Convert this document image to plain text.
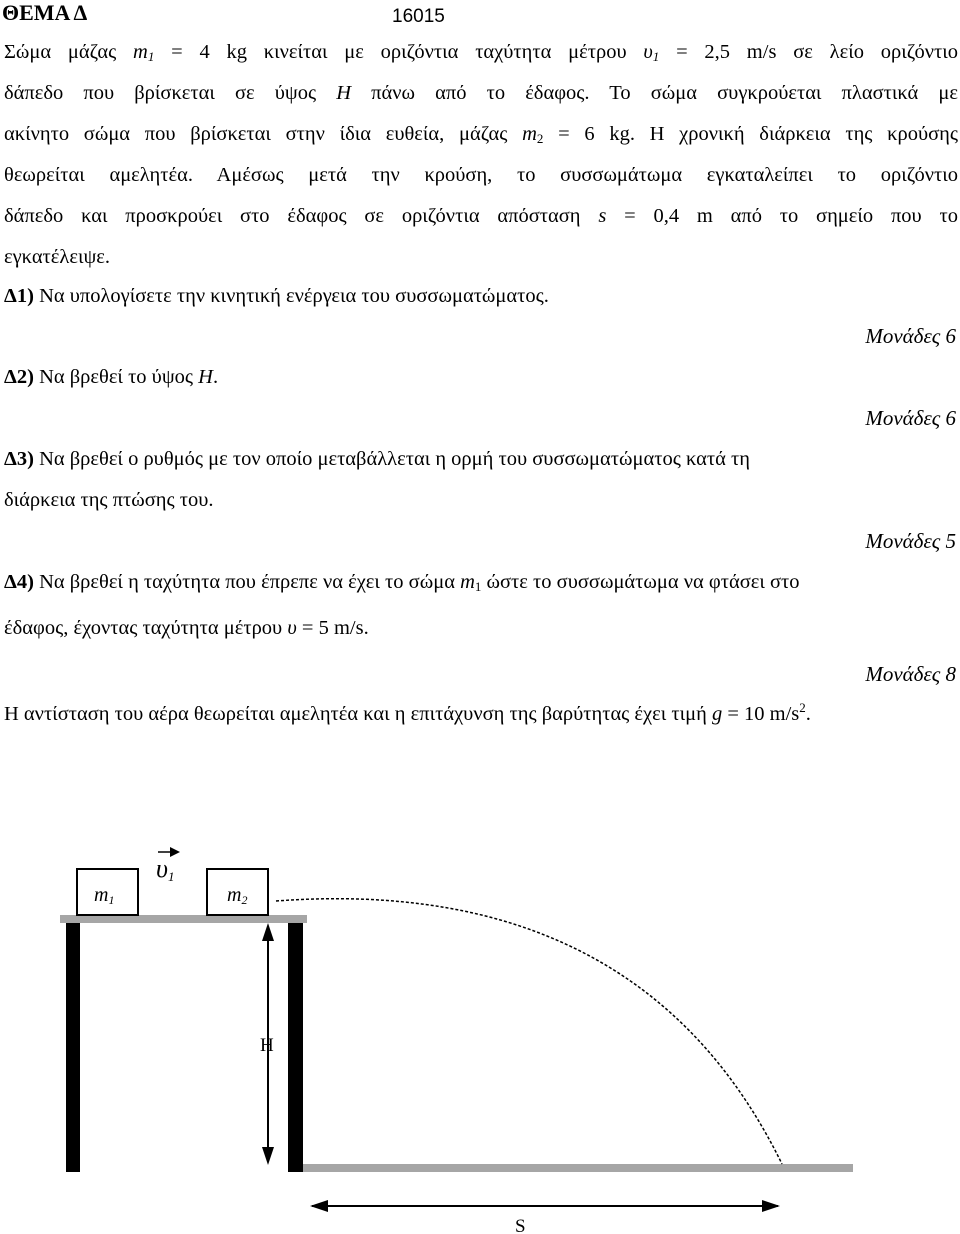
ΘΕΜΑ Δ	16015
Σώμα μάζας $m_1 = 4$ kg κινείται με οριζόντια ταχύτητα μέτρου $\upsilon_1 = 2,5$ m/s σε λείο οριζόντιο
δάπεδο που βρίσκεται σε ύψος H πάνω από το έδαφος. Το σώμα συγκρούεται πλαστικά με
ακίνητο σώμα που βρίσκεται στην ίδια ευθεία, μάζας $m_2 = 6$ kg. Η χρονική διάρκεια της κρούσης
θεωρείται αμελητέα. Αμέσως μετά την κρούση, το συσσωμάτωμα εγκαταλείπει το οριζόντιο
δάπεδο και προσκρούει στο έδαφος σε οριζόντια απόσταση s = 0,4 m από το σημείο που το
εγκατέλειψε.
Δ1) Να υπολογίσετε την κινητική ενέργεια του συσσωματώματος.
Μονάδες 6
Δ2) Να βρεθεί το ύψος H.
Μονάδες 6
Δ3) Να βρεθεί ο ρυθμός με τον οποίο μεταβάλλεται η ορμή του συσσωματώματος κατά τη
διάρκεια της πτώσης του.
Μονάδες 5
Δ4) Να βρεθεί η ταχύτητα που έπρεπε να έχει το σώμα $m_1$ ώστε το συσσωμάτωμα να φτάσει στο
έδαφος, έχοντας ταχύτητα μέτρου υ = 5 m/s.
Μονάδες 8
Η αντίσταση του αέρα θεωρείται αμελητέα και η επιτάχυνση της βαρύτητας έχει τιμή g = 10 $m/s^2$.
m1	m2
υ1
H
S
